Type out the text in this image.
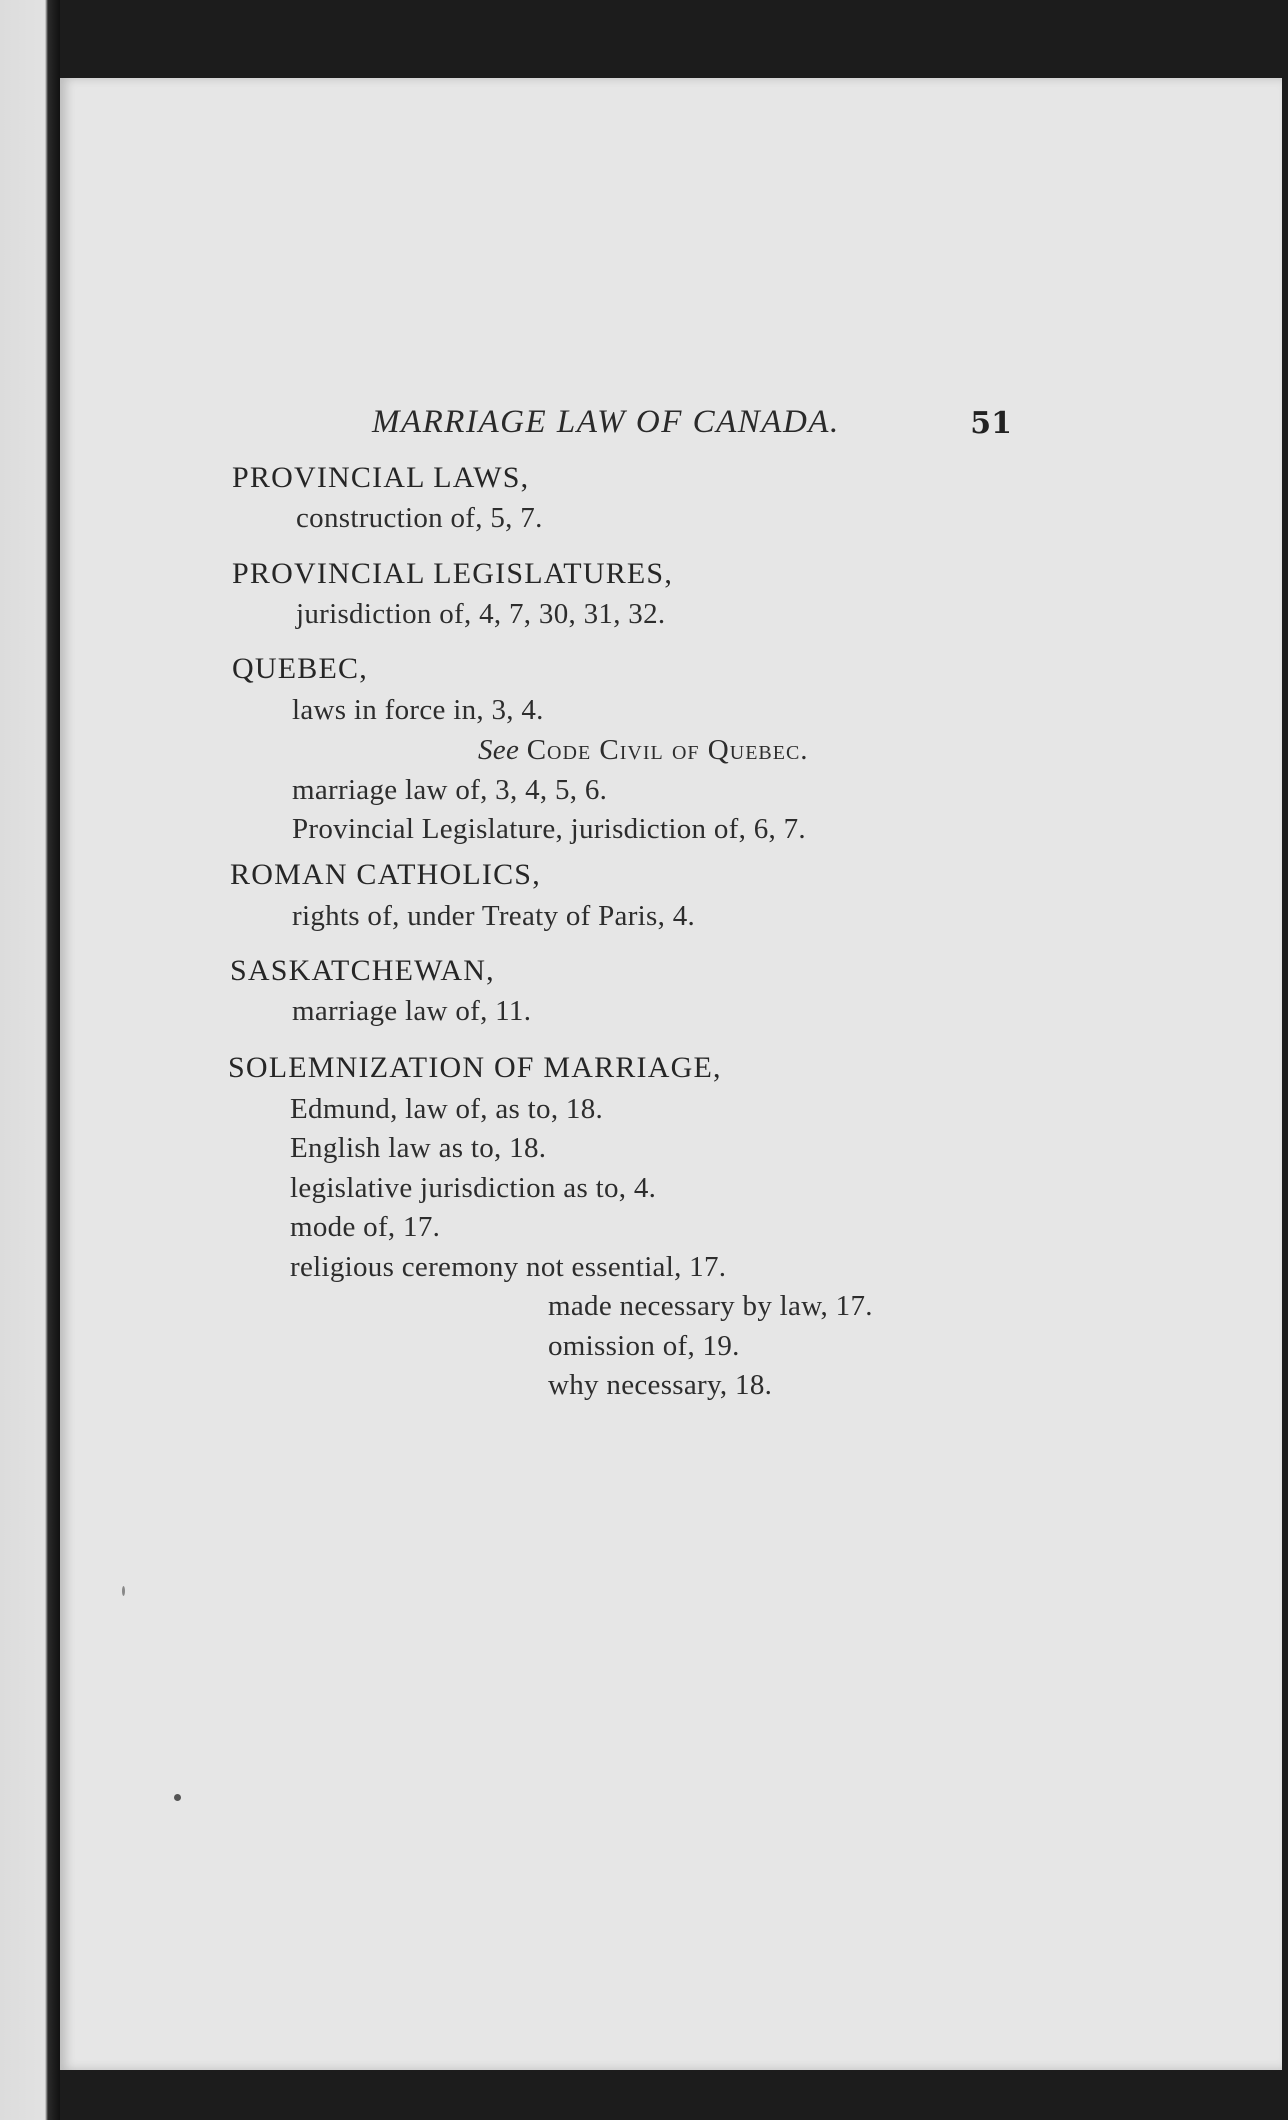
MARRIAGE LAW OF CANADA.	51
PROVINCIAL LAWS,
construction of, 5, 7.
PROVINCIAL LEGISLATURES,
jurisdiction of, 4, 7, 30, 31, 32.
QUEBEC,
laws in force in, 3, 4.
See Code Civil of Quebec.
marriage law of, 3, 4, 5, 6.
Provincial Legislature, jurisdiction of, 6, 7.
ROMAN CATHOLICS,
rights of, under Treaty of Paris, 4.
SASKATCHEWAN,
marriage law of, 11.
SOLEMNIZATION OF MARRIAGE,
Edmund, law of, as to, 18.
English law as to, 18.
legislative jurisdiction as to, 4.
mode of, 17.
religious ceremony not essential, 17.
made necessary by law, 17.
omission of, 19.
why necessary, 18.
